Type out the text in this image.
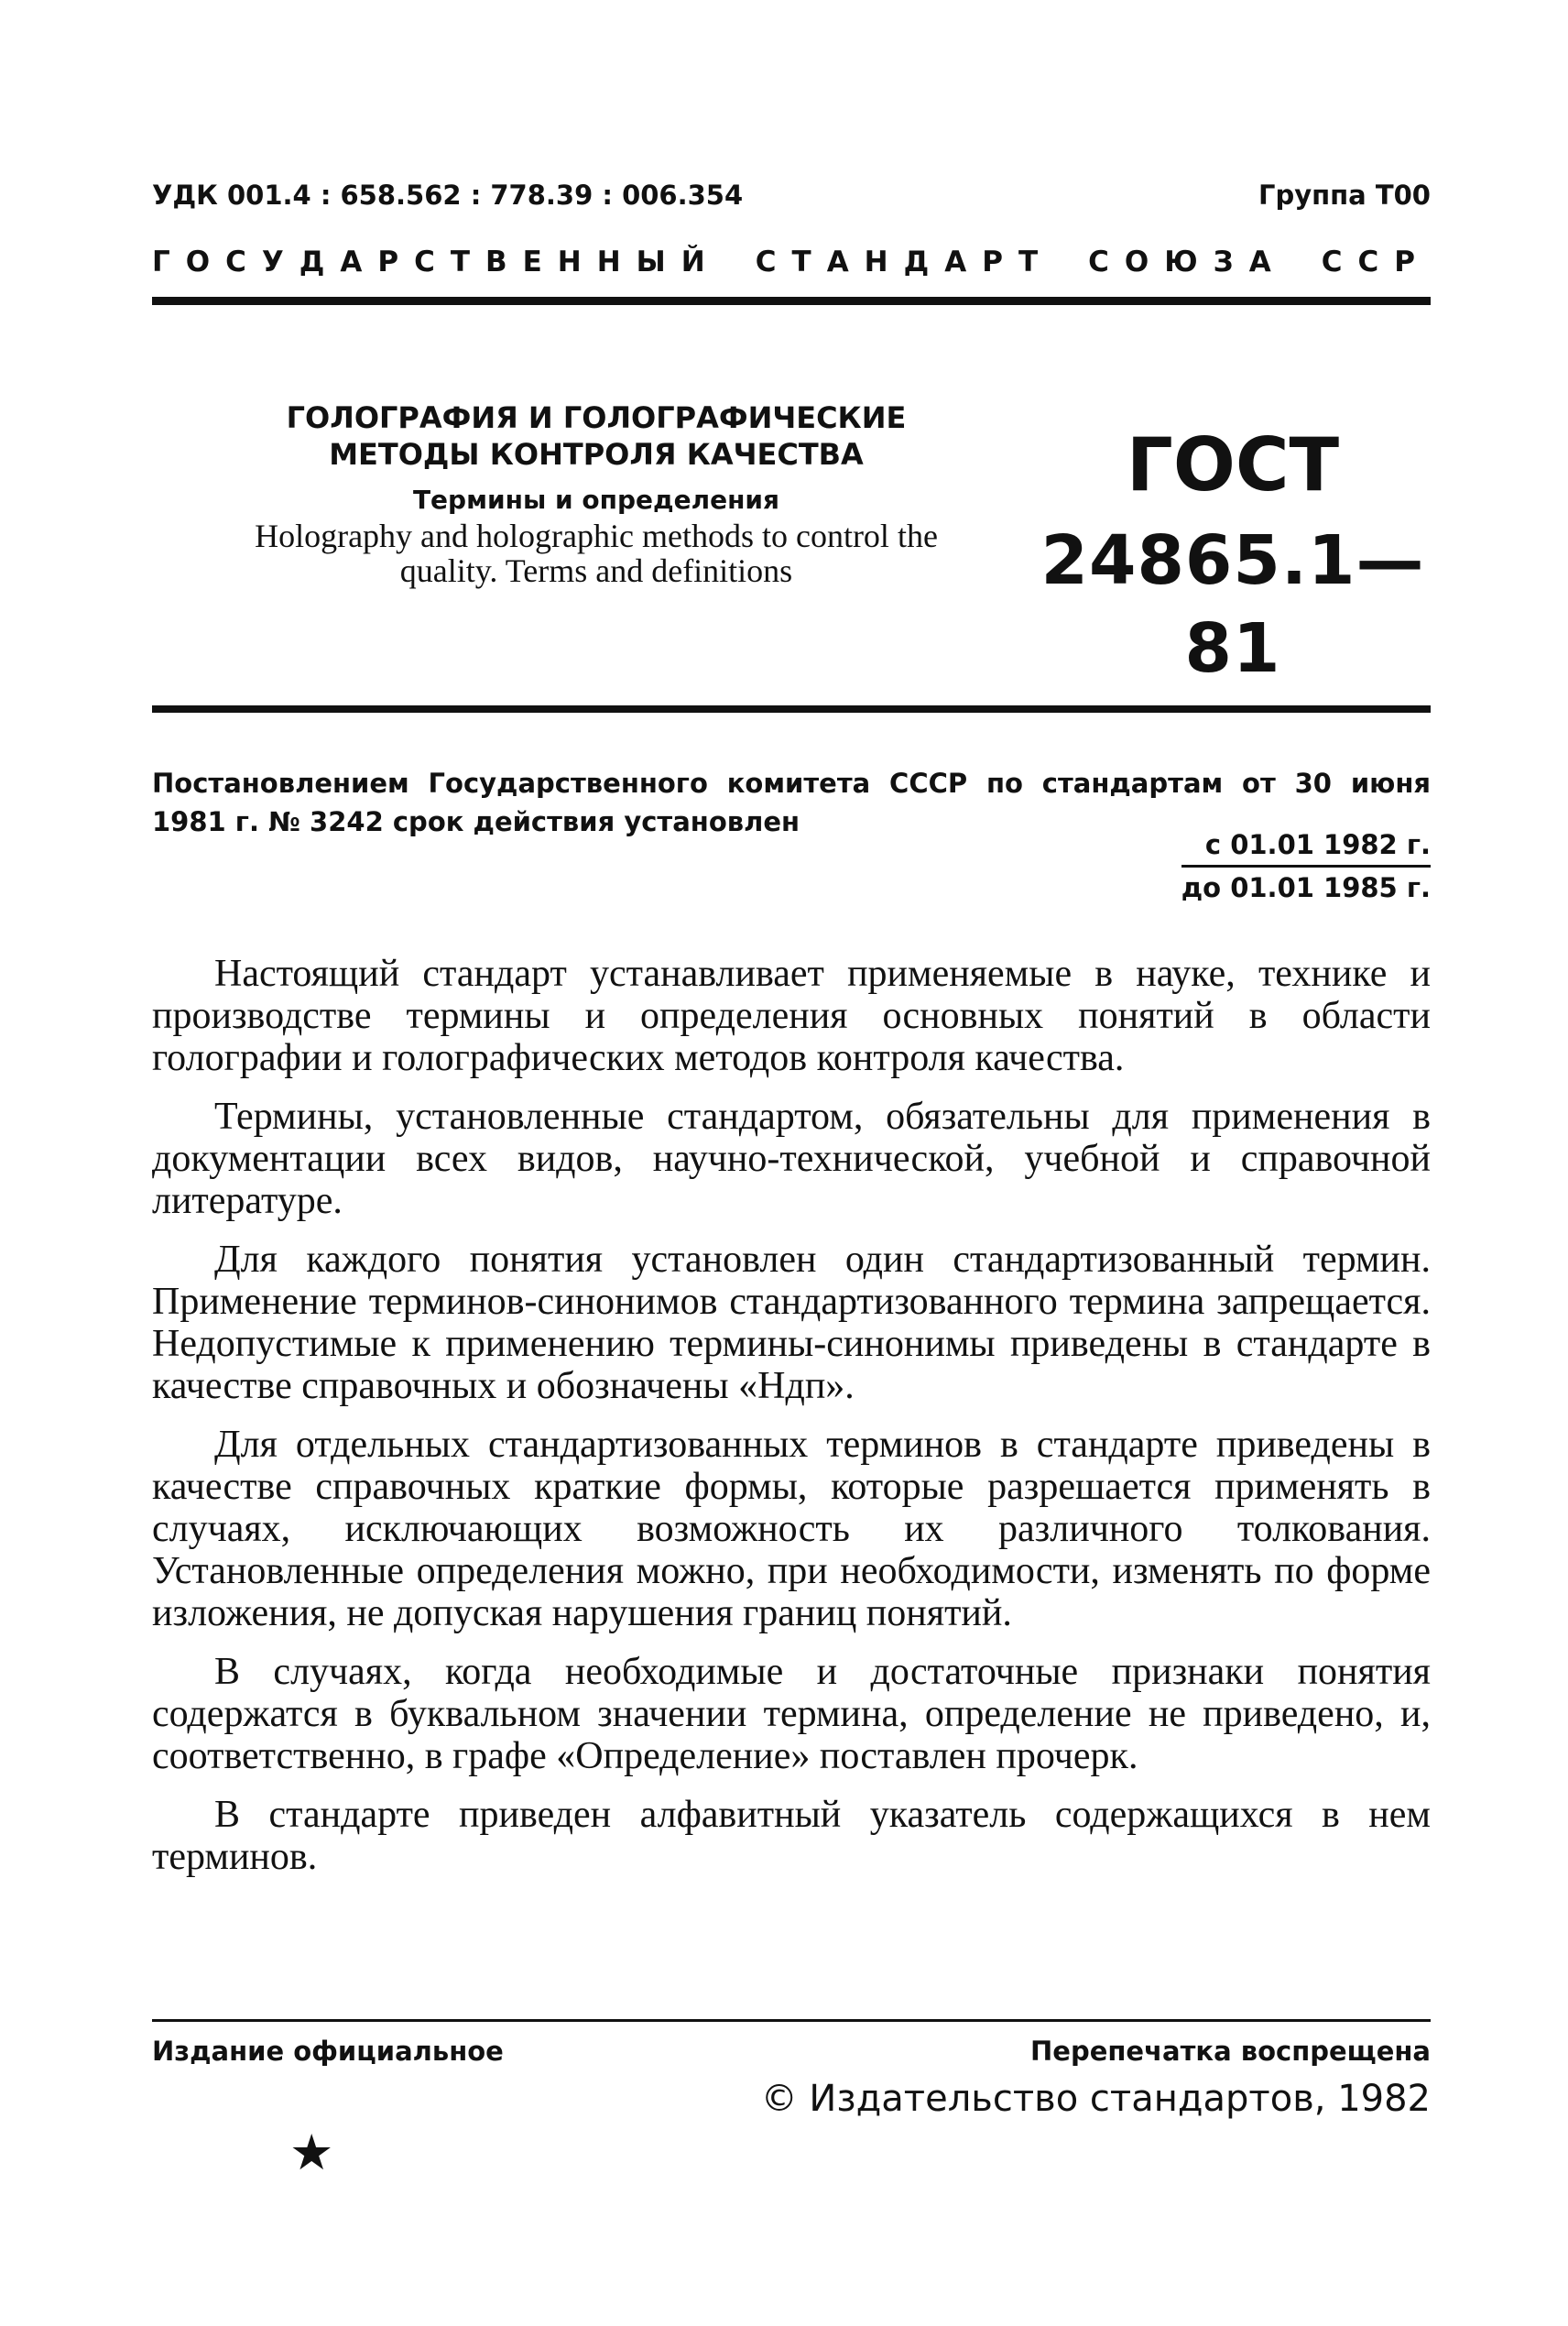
УДК 001.4 : 658.562 : 778.39 : 006.354	Группа Т00
ГОСУДАРСТВЕННЫЙ СТАНДАРТ СОЮЗА ССР
ГОЛОГРАФИЯ И ГОЛОГРАФИЧЕСКИЕ
МЕТОДЫ КОНТРОЛЯ КАЧЕСТВА
Термины и определения
Holography and holographic methods to control the
quality. Terms and definitions
ГОСТ
24865.1—81
Постановлением Государственного комитета СССР по стандартам от 30 июня 1981 г. № 3242 срок действия установлен
с 01.01 1982 г.
до 01.01 1985 г.

Настоящий стандарт устанавливает применяемые в науке, технике и производстве термины и определения основных понятий в области голографии и голографических методов контроля качества.

Термины, установленные стандартом, обязательны для применения в документации всех видов, научно-технической, учебной и справочной литературе.

Для каждого понятия установлен один стандартизованный термин. Применение терминов-синонимов стандартизованного термина запрещается. Недопустимые к применению термины-синонимы приведены в стандарте в качестве справочных и обозначены «Ндп».

Для отдельных стандартизованных терминов в стандарте приведены в качестве справочных краткие формы, которые разрешается применять в случаях, исключающих возможность их различного толкования. Установленные определения можно, при необходимости, изменять по форме изложения, не допуская нарушения границ понятий.

В случаях, когда необходимые и достаточные признаки понятия содержатся в буквальном значении термина, определение не приведено, и, соответственно, в графе «Определение» поставлен прочерк.

В стандарте приведен алфавитный указатель содержащихся в нем терминов.

Издание официальное	Перепечатка воспрещена
© Издательство стандартов, 1982
★
